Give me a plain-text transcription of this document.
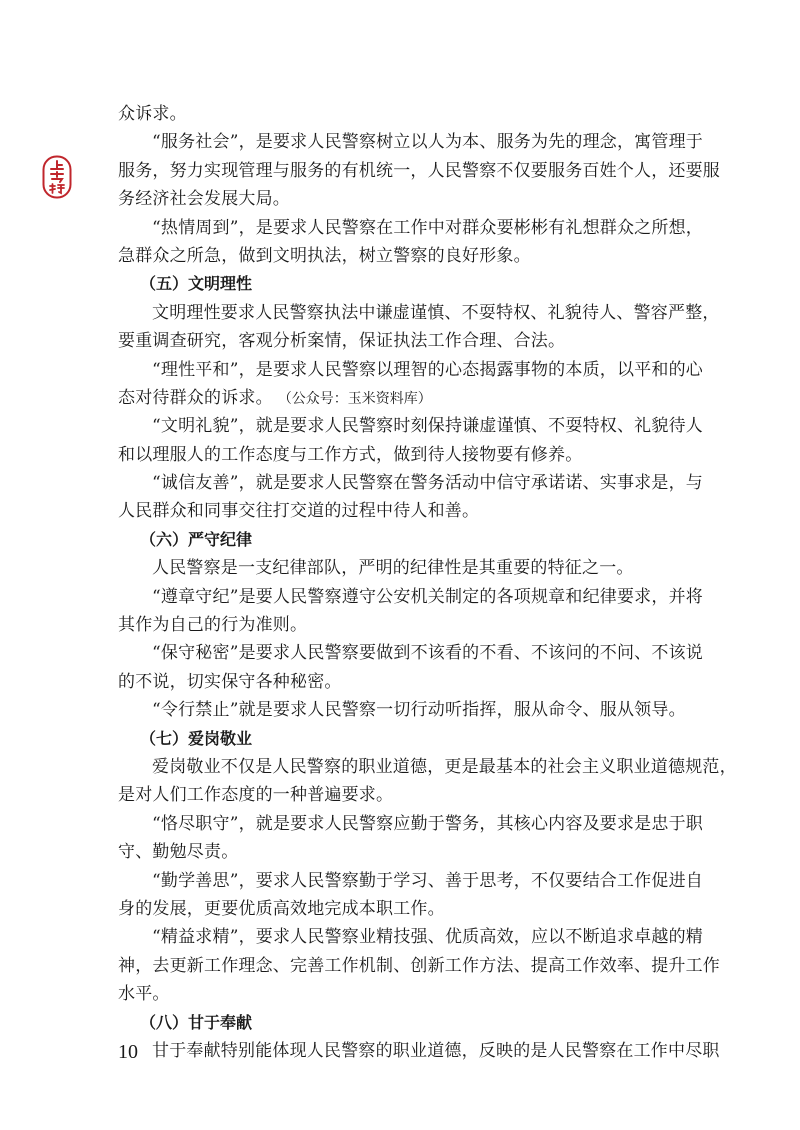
众诉求。
“服务社会”，是要求人民警察树立以人为本、服务为先的理念，寓管理于
服务，努力实现管理与服务的有机统一，人民警察不仅要服务百姓个人，还要服
务经济社会发展大局。
“热情周到”，是要求人民警察在工作中对群众要彬彬有礼想群众之所想，
急群众之所急，做到文明执法，树立警察的良好形象。
（五）文明理性
文明理性要求人民警察执法中谦虚谨慎、不耍特权、礼貌待人、警容严整，
要重调查研究，客观分析案情，保证执法工作合理、合法。
“理性平和”，是要求人民警察以理智的心态揭露事物的本质，以平和的心
态对待群众的诉求。 （公众号：玉米资料库）
“文明礼貌”，就是要求人民警察时刻保持谦虚谨慎、不耍特权、礼貌待人
和以理服人的工作态度与工作方式，做到待人接物要有修养。
“诚信友善”，就是要求人民警察在警务活动中信守承诺诺、实事求是，与
人民群众和同事交往打交道的过程中待人和善。
（六）严守纪律
人民警察是一支纪律部队，严明的纪律性是其重要的特征之一。
“遵章守纪”是要人民警察遵守公安机关制定的各项规章和纪律要求，并将
其作为自己的行为准则。
“保守秘密”是要求人民警察要做到不该看的不看、不该问的不问、不该说
的不说，切实保守各种秘密。
“令行禁止”就是要求人民警察一切行动听指挥，服从命令、服从领导。
（七）爱岗敬业
爱岗敬业不仅是人民警察的职业道德，更是最基本的社会主义职业道德规范，
是对人们工作态度的一种普遍要求。
“恪尽职守”，就是要求人民警察应勤于警务，其核心内容及要求是忠于职
守、勤勉尽责。
“勤学善思”，要求人民警察勤于学习、善于思考，不仅要结合工作促进自
身的发展，更要优质高效地完成本职工作。
“精益求精”，要求人民警察业精技强、优质高效，应以不断追求卓越的精
神，去更新工作理念、完善工作机制、创新工作方法、提高工作效率、提升工作
水平。
（八）甘于奉献
甘于奉献特别能体现人民警察的职业道德，反映的是人民警察在工作中尽职
10
